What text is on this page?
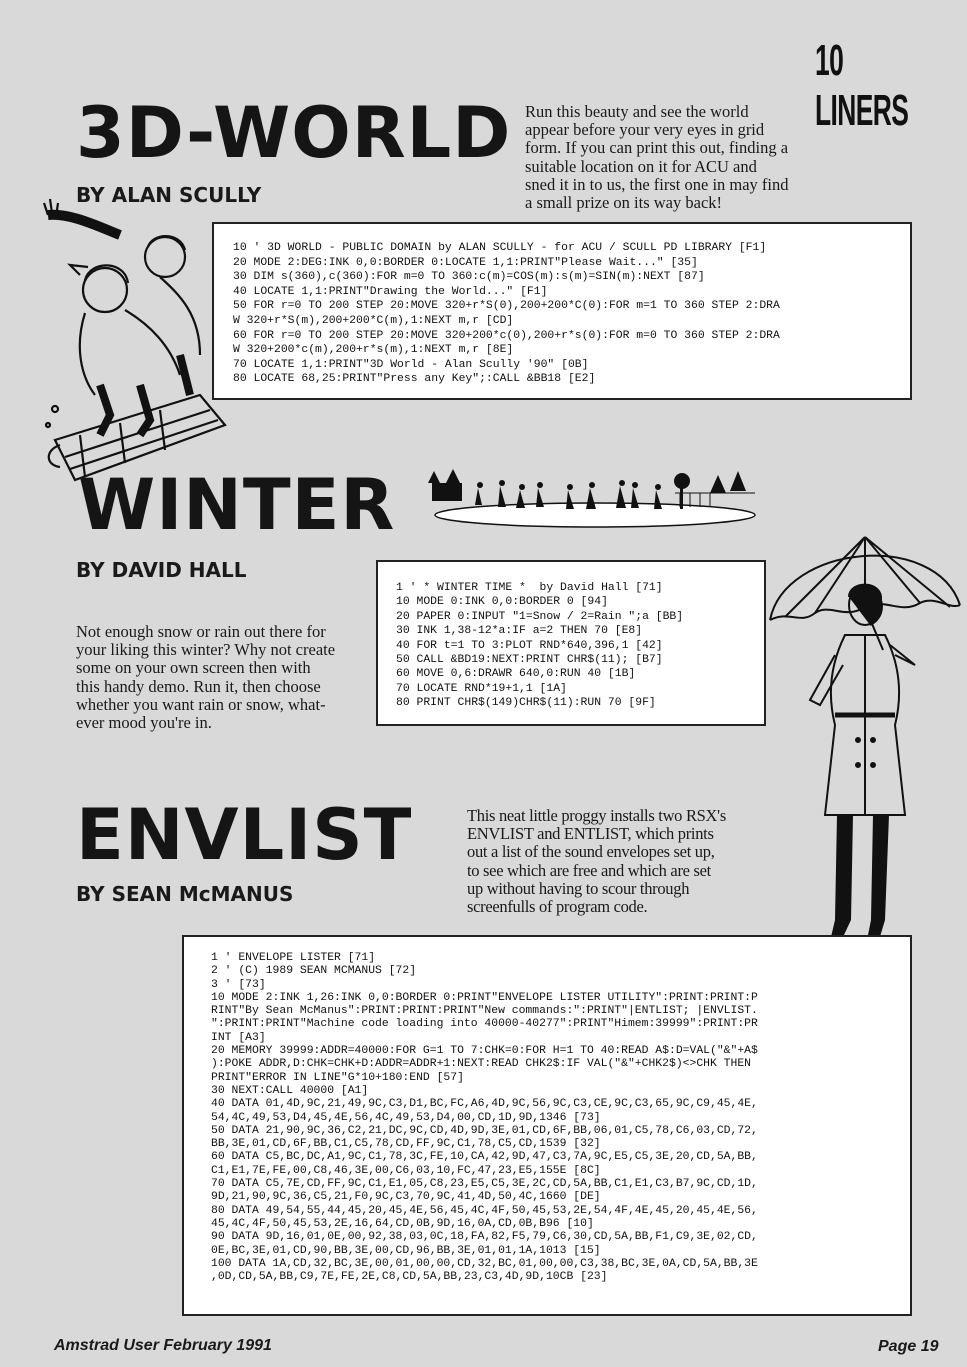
10 LINERS
3D-WORLD
BY ALAN SCULLY
Run this beauty and see the world
appear before your very eyes in grid
form. If you can print this out, finding a
suitable location on it for ACU and
sned it in to us, the first one in may find
a small prize on its way back!
10 ' 3D WORLD - PUBLIC DOMAIN by ALAN SCULLY - for ACU / SCULL PD LIBRARY [F1]
20 MODE 2:DEG:INK 0,0:BORDER 0:LOCATE 1,1:PRINT"Please Wait..." [35]
30 DIM s(360),c(360):FOR m=0 TO 360:c(m)=COS(m):s(m)=SIN(m):NEXT [87]
40 LOCATE 1,1:PRINT"Drawing the World..." [F1]
50 FOR r=0 TO 200 STEP 20:MOVE 320+r*S(0),200+200*C(0):FOR m=1 TO 360 STEP 2:DRA
W 320+r*S(m),200+200*C(m),1:NEXT m,r [CD]
60 FOR r=0 TO 200 STEP 20:MOVE 320+200*c(0),200+r*s(0):FOR m=0 TO 360 STEP 2:DRA
W 320+200*c(m),200+r*s(m),1:NEXT m,r [8E]
70 LOCATE 1,1:PRINT"3D World - Alan Scully '90" [0B]
80 LOCATE 68,25:PRINT"Press any Key";:CALL &BB18 [E2]
WINTER
BY DAVID HALL
Not enough snow or rain out there for
your liking this winter? Why not create
some on your own screen then with
this handy demo. Run it, then choose
whether you want rain or snow, what-
ever mood you're in.
1 ' * WINTER TIME *  by David Hall [71]
10 MODE 0:INK 0,0:BORDER 0 [94]
20 PAPER 0:INPUT "1=Snow / 2=Rain ";a [BB]
30 INK 1,38-12*a:IF a=2 THEN 70 [E8]
40 FOR t=1 TO 3:PLOT RND*640,396,1 [42]
50 CALL &BD19:NEXT:PRINT CHR$(11); [B7]
60 MOVE 0,6:DRAWR 640,0:RUN 40 [1B]
70 LOCATE RND*19+1,1 [1A]
80 PRINT CHR$(149)CHR$(11):RUN 70 [9F]
ENVLIST
BY SEAN McMANUS
This neat little proggy installs two RSX's
ENVLIST and ENTLIST, which prints
out a list of the sound envelopes set up,
to see which are free and which are set
up without having to scour through
screenfulls of program code.
1 ' ENVELOPE LISTER [71]
2 ' (C) 1989 SEAN MCMANUS [72]
3 ' [73]
10 MODE 2:INK 1,26:INK 0,0:BORDER 0:PRINT"ENVELOPE LISTER UTILITY":PRINT:PRINT:P
RINT"By Sean McManus":PRINT:PRINT:PRINT"New commands:":PRINT"|ENTLIST; |ENVLIST.
":PRINT:PRINT"Machine code loading into 40000-40277":PRINT"Himem:39999":PRINT:PR
INT [A3]
20 MEMORY 39999:ADDR=40000:FOR G=1 TO 7:CHK=0:FOR H=1 TO 40:READ A$:D=VAL("&"+A$
):POKE ADDR,D:CHK=CHK+D:ADDR=ADDR+1:NEXT:READ CHK2$:IF VAL("&"+CHK2$)<>CHK THEN
PRINT"ERROR IN LINE"G*10+180:END [57]
30 NEXT:CALL 40000 [A1]
40 DATA 01,4D,9C,21,49,9C,C3,D1,BC,FC,A6,4D,9C,56,9C,C3,CE,9C,C3,65,9C,C9,45,4E,
54,4C,49,53,D4,45,4E,56,4C,49,53,D4,00,CD,1D,9D,1346 [73]
50 DATA 21,90,9C,36,C2,21,DC,9C,CD,4D,9D,3E,01,CD,6F,BB,06,01,C5,78,C6,03,CD,72,
BB,3E,01,CD,6F,BB,C1,C5,78,CD,FF,9C,C1,78,C5,CD,1539 [32]
60 DATA C5,BC,DC,A1,9C,C1,78,3C,FE,10,CA,42,9D,47,C3,7A,9C,E5,C5,3E,20,CD,5A,BB,
C1,E1,7E,FE,00,C8,46,3E,00,C6,03,10,FC,47,23,E5,155E [8C]
70 DATA C5,7E,CD,FF,9C,C1,E1,05,C8,23,E5,C5,3E,2C,CD,5A,BB,C1,E1,C3,B7,9C,CD,1D,
9D,21,90,9C,36,C5,21,F0,9C,C3,70,9C,41,4D,50,4C,1660 [DE]
80 DATA 49,54,55,44,45,20,45,4E,56,45,4C,4F,50,45,53,2E,54,4F,4E,45,20,45,4E,56,
45,4C,4F,50,45,53,2E,16,64,CD,0B,9D,16,0A,CD,0B,B96 [10]
90 DATA 9D,16,01,0E,00,92,38,03,0C,18,FA,82,F5,79,C6,30,CD,5A,BB,F1,C9,3E,02,CD,
0E,BC,3E,01,CD,90,BB,3E,00,CD,96,BB,3E,01,01,1A,1013 [15]
100 DATA 1A,CD,32,BC,3E,00,01,00,00,CD,32,BC,01,00,00,C3,38,BC,3E,0A,CD,5A,BB,3E
,0D,CD,5A,BB,C9,7E,FE,2E,C8,CD,5A,BB,23,C3,4D,9D,10CB [23]

Amstrad User February 1991	Page 19
